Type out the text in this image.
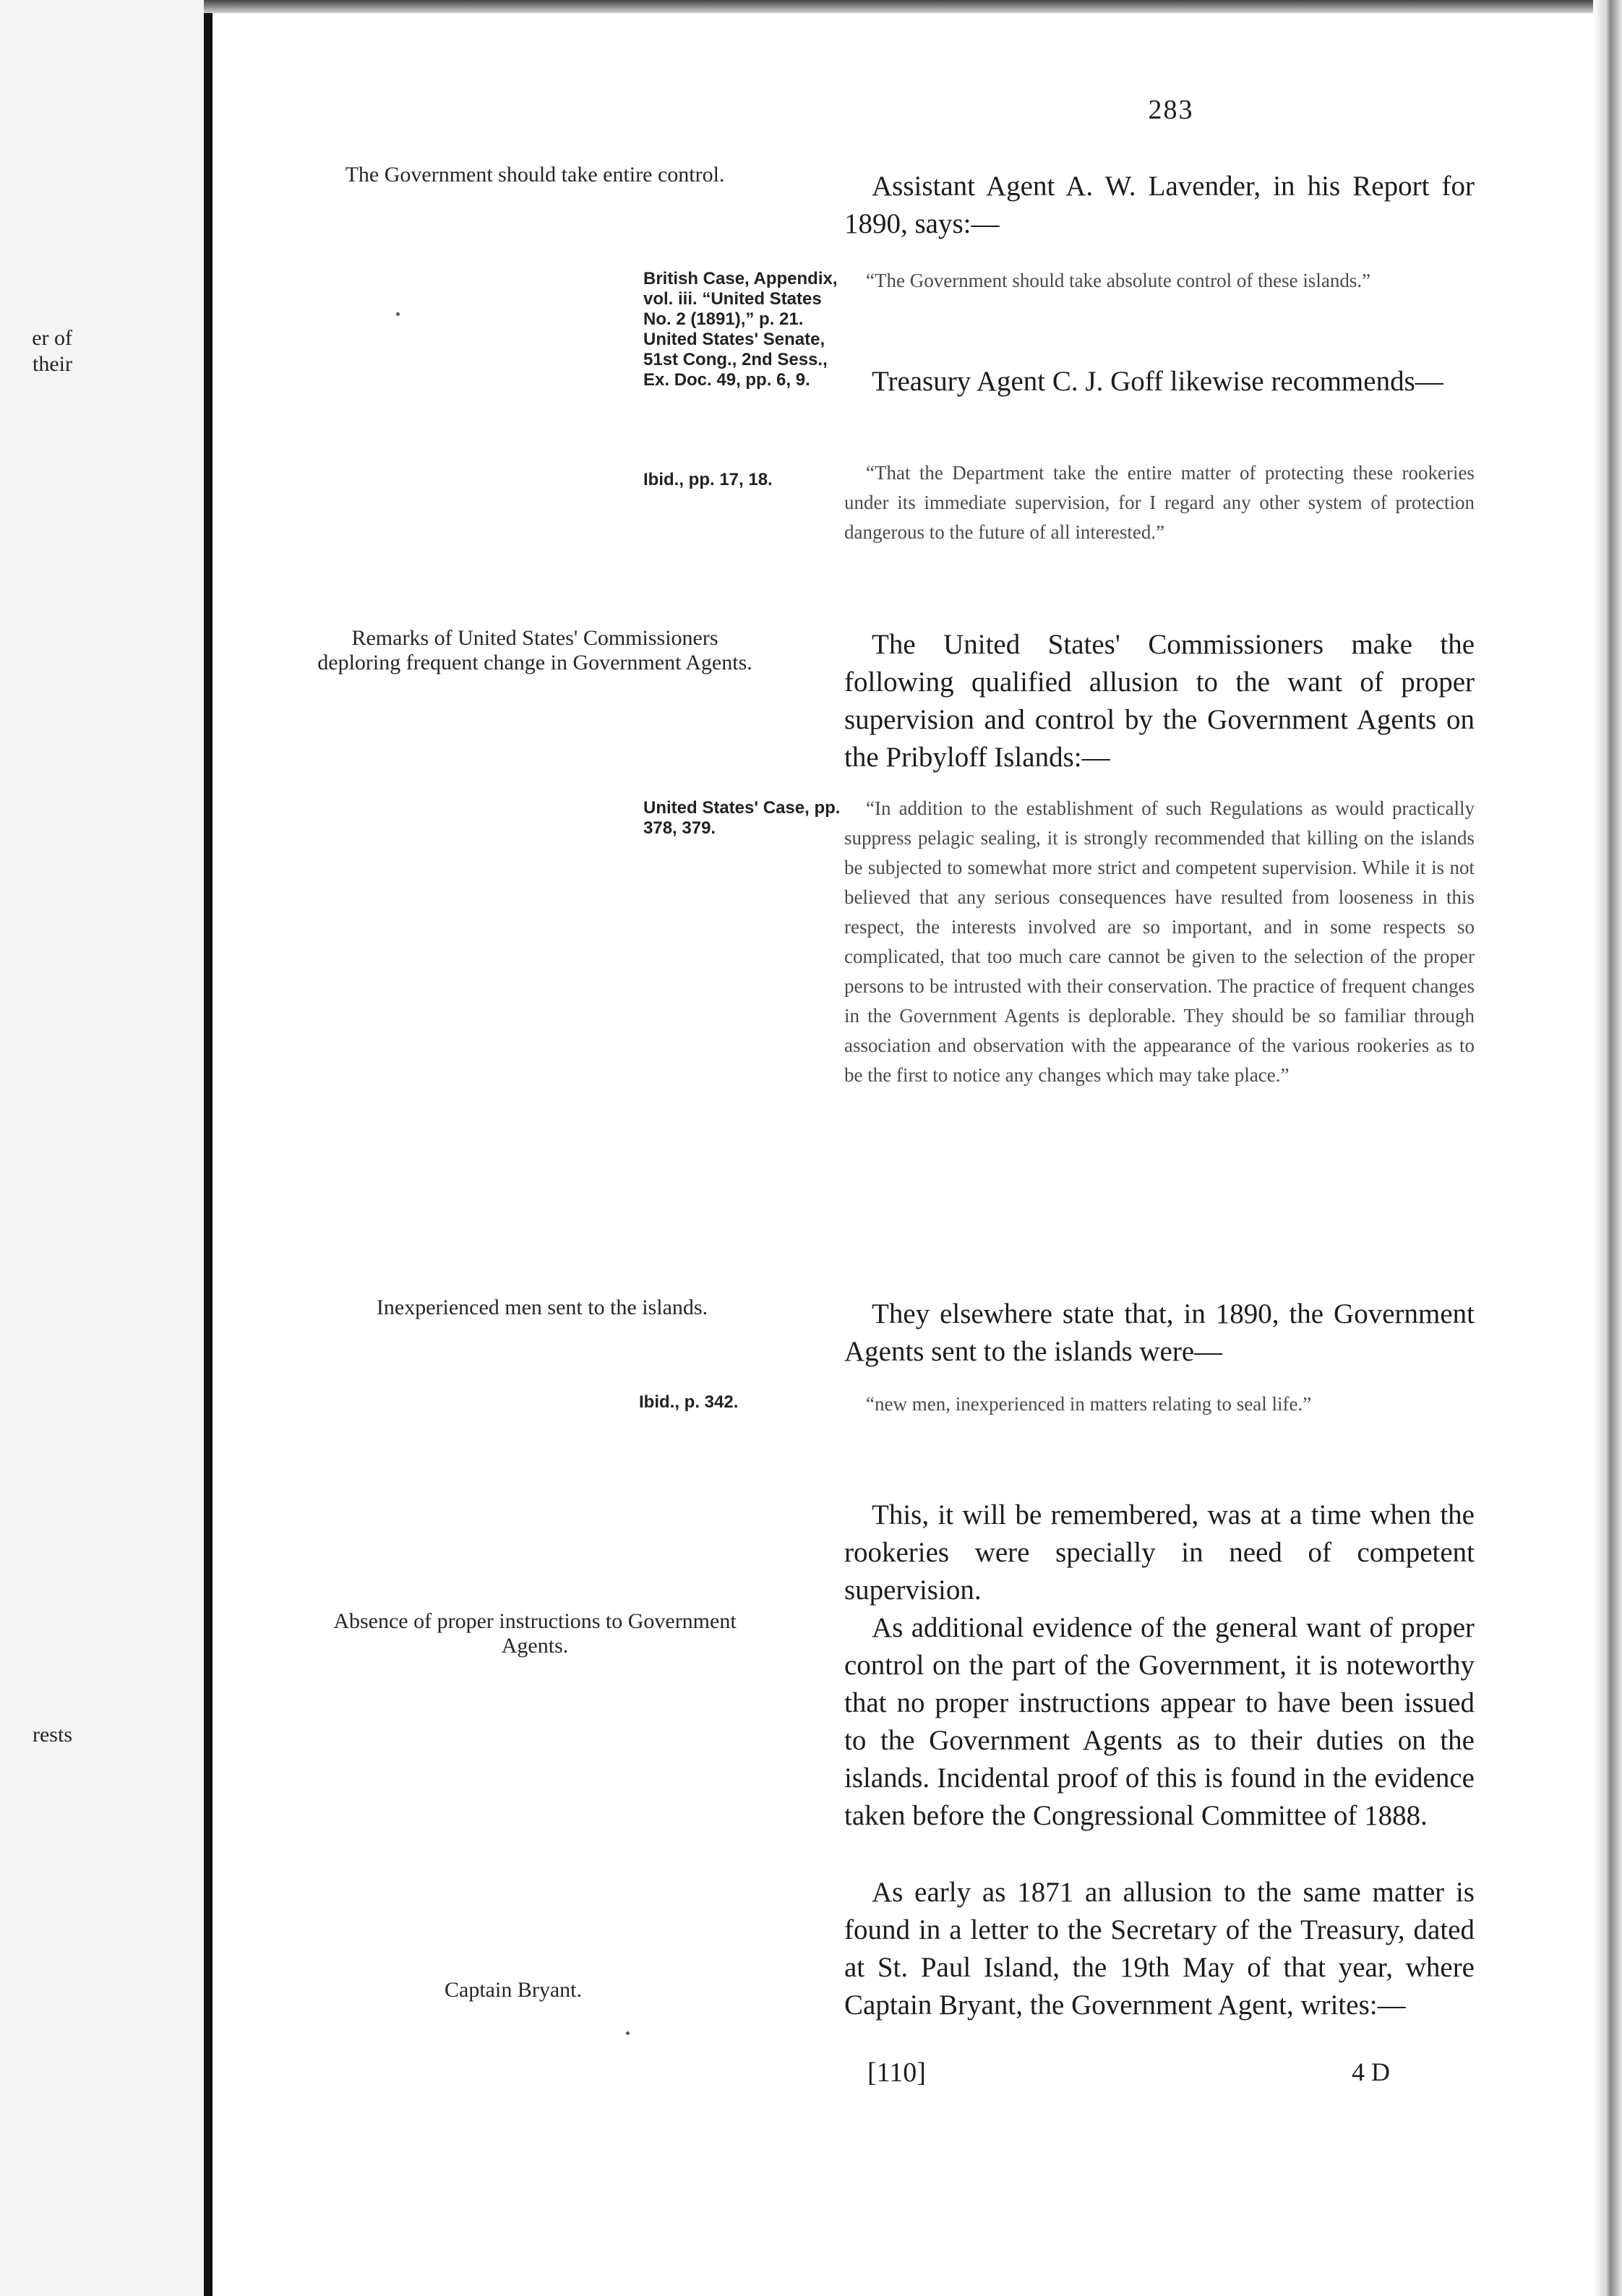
er of
their
rests
283
The Government should take entire control.
Remarks of United States' Commissioners deploring frequent change in Government Agents.
Inexperienced men sent to the islands.
Absence of proper instructions to Government Agents.
Captain Bryant.
British Case, Appendix, vol. iii. “United States No. 2 (1891),” p. 21. United States' Senate, 51st Cong., 2nd Sess., Ex. Doc. 49, pp. 6, 9.
Ibid., pp. 17, 18.
United States' Case, pp. 378, 379.
Ibid., p. 342.
Assistant Agent A. W. Lavender, in his Report for 1890, says:—
“The Government should take absolute control of these islands.”
Treasury Agent C. J. Goff likewise recommends—
“That the Department take the entire matter of protecting these rookeries under its immediate supervision, for I regard any other system of protection dangerous to the future of all interested.”
The United States' Commissioners make the following qualified allusion to the want of proper supervision and control by the Government Agents on the Pribyloff Islands:—
“In addition to the establishment of such Regulations as would practically suppress pelagic sealing, it is strongly recommended that killing on the islands be subjected to somewhat more strict and competent supervision. While it is not believed that any serious consequences have resulted from looseness in this respect, the interests involved are so important, and in some respects so complicated, that too much care cannot be given to the selection of the proper persons to be intrusted with their conservation. The practice of frequent changes in the Government Agents is deplorable. They should be so familiar through association and observation with the appearance of the various rookeries as to be the first to notice any changes which may take place.”
They elsewhere state that, in 1890, the Government Agents sent to the islands were—
“new men, inexperienced in matters relating to seal life.”
This, it will be remembered, was at a time when the rookeries were specially in need of competent supervision.
As additional evidence of the general want of proper control on the part of the Government, it is noteworthy that no proper instructions appear to have been issued to the Government Agents as to their duties on the islands. Incidental proof of this is found in the evidence taken before the Congressional Committee of 1888.
As early as 1871 an allusion to the same matter is found in a letter to the Secretary of the Treasury, dated at St. Paul Island, the 19th May of that year, where Captain Bryant, the Government Agent, writes:—
[110]	4 D
